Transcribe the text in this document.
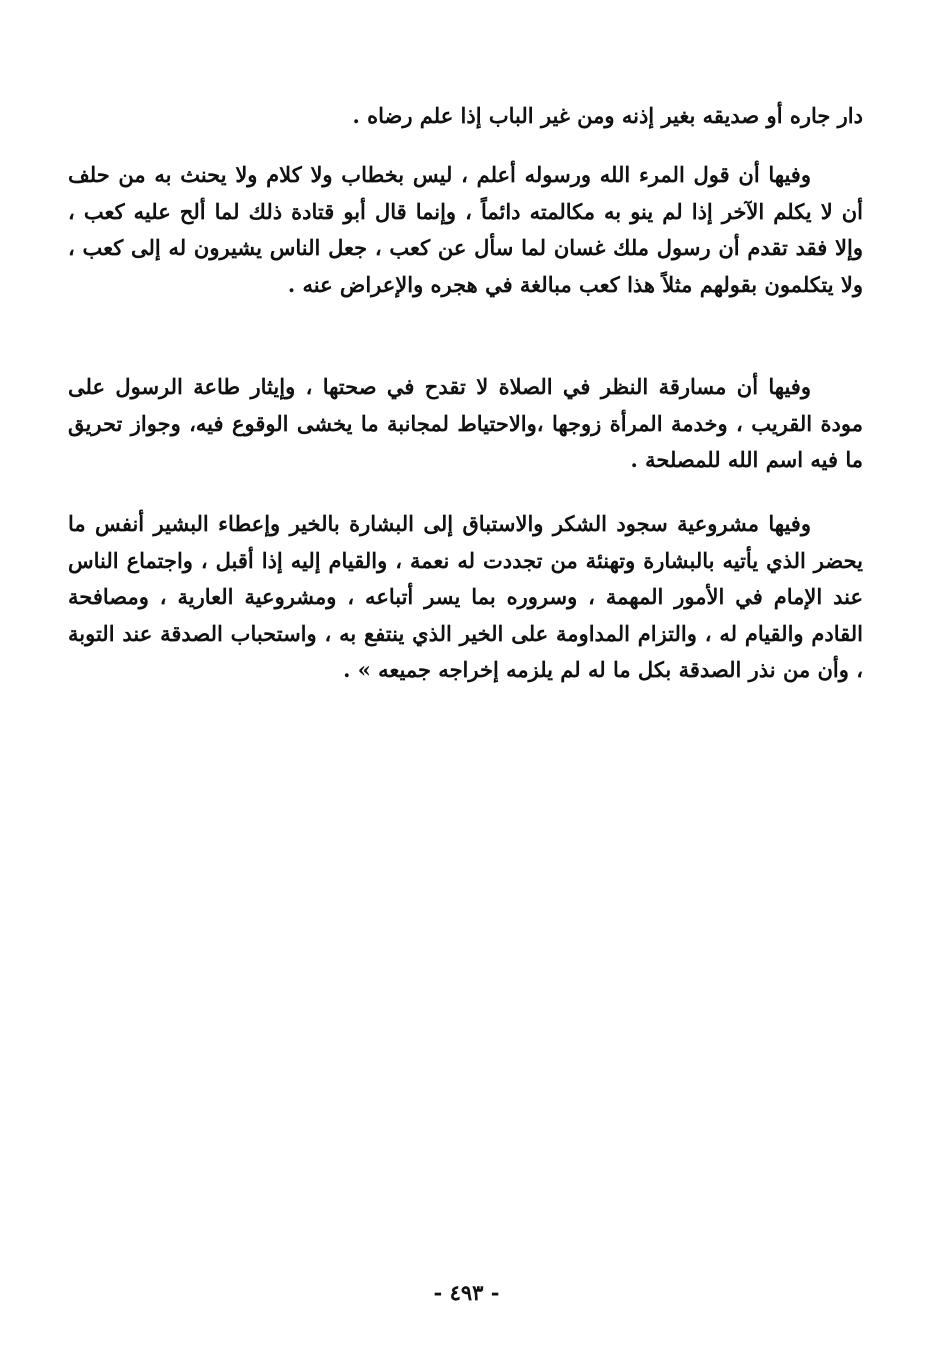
دار جاره أو صديقه بغير إذنه ومن غير الباب إذا علم رضاه .

وفيها أن قول المرء الله ورسوله أعلم ، ليس بخطاب ولا كلام ولا يحنث به من حلف أن لا يكلم الآخر إذا لم ينو به مكالمته دائماً ، وإنما قال أبو قتادة ذلك لما ألح عليه كعب ، وإلا فقد تقدم أن رسول ملك غسان لما سأل عن كعب ، جعل الناس يشيرون له إلى كعب ، ولا يتكلمون بقولهم مثلاً هذا كعب مبالغة في هجره والإعراض عنه .

وفيها أن مسارقة النظر في الصلاة لا تقدح في صحتها ، وإيثار طاعة الرسول على مودة القريب ، وخدمة المرأة زوجها ،والاحتياط لمجانبة ما يخشى الوقوع فيه، وجواز تحريق ما فيه اسم الله للمصلحة .

وفيها مشروعية سجود الشكر والاستباق إلى البشارة بالخير وإعطاء البشير أنفس ما يحضر الذي يأتيه بالبشارة وتهنئة من تجددت له نعمة ، والقيام إليه إذا أقبل ، واجتماع الناس عند الإمام في الأمور المهمة ، وسروره بما يسر أتباعه ، ومشروعية العارية ، ومصافحة القادم والقيام له ، والتزام المداومة على الخير الذي ينتفع به ، واستحباب الصدقة عند التوبة ، وأن من نذر الصدقة بكل ما له لم يلزمه إخراجه جميعه » .

- ٤٩٣ -
